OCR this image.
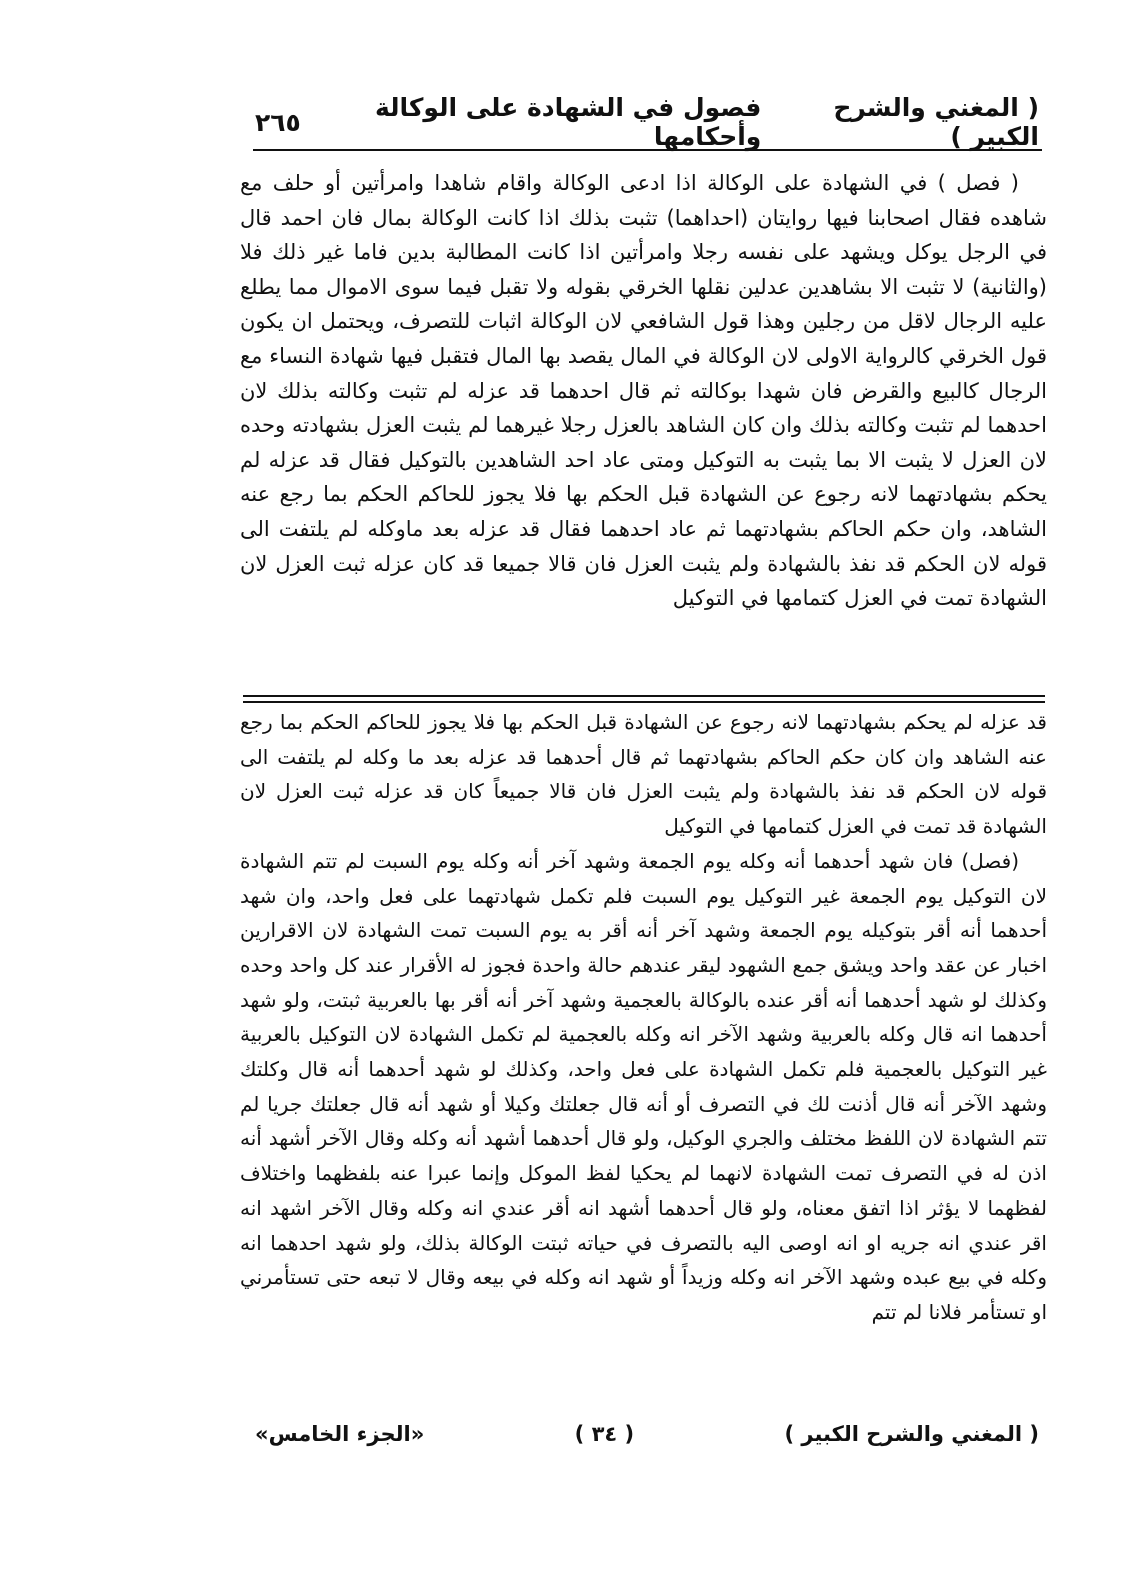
( المغني والشرح الكبير )
فصول في الشهادة على الوكالة وأحكامها
٢٦٥

( فصل ) في الشهادة على الوكالة اذا ادعى الوكالة واقام شاهدا وامرأتين أو حلف مع شاهده فقال اصحابنا فيها روايتان (احداهما) تثبت بذلك اذا كانت الوكالة بمال فان احمد قال في الرجل يوكل ويشهد على نفسه رجلا وامرأتين اذا كانت المطالبة بدين فاما غير ذلك فلا (والثانية) لا تثبت الا بشاهدين عدلين نقلها الخرقي بقوله ولا تقبل فيما سوى الاموال مما يطلع عليه الرجال لاقل من رجلين وهذا قول الشافعي لان الوكالة اثبات للتصرف، ويحتمل ان يكون قول الخرقي كالرواية الاولى لان الوكالة في المال يقصد بها المال فتقبل فيها شهادة النساء مع الرجال كالبيع والقرض فان شهدا بوكالته ثم قال احدهما قد عزله لم تثبت وكالته بذلك لان احدهما لم تثبت وكالته بذلك وان كان الشاهد بالعزل رجلا غيرهما لم يثبت العزل بشهادته وحده لان العزل لا يثبت الا بما يثبت به التوكيل ومتى عاد احد الشاهدين بالتوكيل فقال قد عزله لم يحكم بشهادتهما لانه رجوع عن الشهادة قبل الحكم بها فلا يجوز للحاكم الحكم بما رجع عنه الشاهد، وان حكم الحاكم بشهادتهما ثم عاد احدهما فقال قد عزله بعد ماوكله لم يلتفت الى قوله لان الحكم قد نفذ بالشهادة ولم يثبت العزل فان قالا جميعا قد كان عزله ثبت العزل لان الشهادة تمت في العزل كتمامها في التوكيل

قد عزله لم يحكم بشهادتهما لانه رجوع عن الشهادة قبل الحكم بها فلا يجوز للحاكم الحكم بما رجع عنه الشاهد وان كان حكم الحاكم بشهادتهما ثم قال أحدهما قد عزله بعد ما وكله لم يلتفت الى قوله لان الحكم قد نفذ بالشهادة ولم يثبت العزل فان قالا جميعاً كان قد عزله ثبت العزل لان الشهادة قد تمت في العزل كتمامها في التوكيل

(فصل) فان شهد أحدهما أنه وكله يوم الجمعة وشهد آخر أنه وكله يوم السبت لم تتم الشهادة لان التوكيل يوم الجمعة غير التوكيل يوم السبت فلم تكمل شهادتهما على فعل واحد، وان شهد أحدهما أنه أقر بتوكيله يوم الجمعة وشهد آخر أنه أقر به يوم السبت تمت الشهادة لان الاقرارين اخبار عن عقد واحد ويشق جمع الشهود ليقر عندهم حالة واحدة فجوز له الأقرار عند كل واحد وحده وكذلك لو شهد أحدهما أنه أقر عنده بالوكالة بالعجمية وشهد آخر أنه أقر بها بالعربية ثبتت، ولو شهد أحدهما انه قال وكله بالعربية وشهد الآخر انه وكله بالعجمية لم تكمل الشهادة لان التوكيل بالعربية غير التوكيل بالعجمية فلم تكمل الشهادة على فعل واحد، وكذلك لو شهد أحدهما أنه قال وكلتك وشهد الآخر أنه قال أذنت لك في التصرف أو أنه قال جعلتك وكيلا أو شهد أنه قال جعلتك جريا لم تتم الشهادة لان اللفظ مختلف والجري الوكيل، ولو قال أحدهما أشهد أنه وكله وقال الآخر أشهد أنه اذن له في التصرف تمت الشهادة لانهما لم يحكيا لفظ الموكل وإنما عبرا عنه بلفظهما واختلاف لفظهما لا يؤثر اذا اتفق معناه، ولو قال أحدهما أشهد انه أقر عندي انه وكله وقال الآخر اشهد انه اقر عندي انه جريه او انه اوصى اليه بالتصرف في حياته ثبتت الوكالة بذلك، ولو شهد احدهما انه وكله في بيع عبده وشهد الآخر انه وكله وزيداً أو شهد انه وكله في بيعه وقال لا تبعه حتى تستأمرني او تستأمر فلانا لم تتم

( المغني والشرح الكبير )
( ٣٤ )
«الجزء الخامس»
